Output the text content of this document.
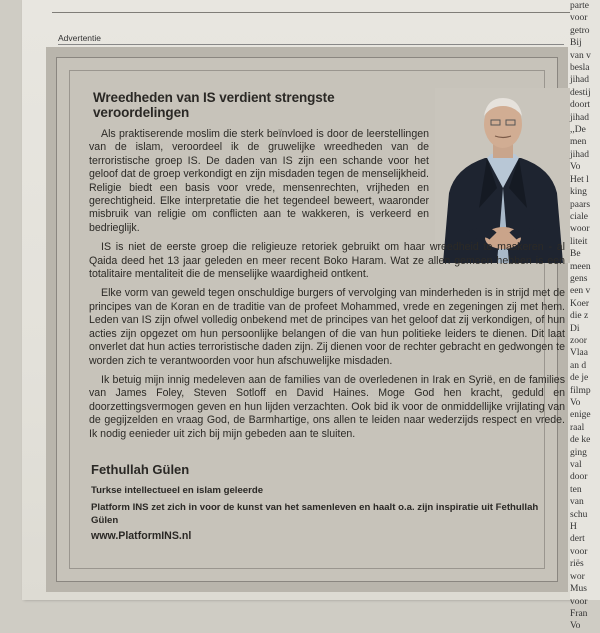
Advertentie
Wreedheden van IS verdient strengste veroordelingen

Als praktiserende moslim die sterk beïnvloed is door de leerstellingen van de islam, veroordeel ik de gruwelijke wreedheden van de terroristische groep IS. De daden van IS zijn een schande voor het geloof dat de groep verkondigt en zijn misdaden tegen de menselijkheid. Religie biedt een basis voor vrede, mensenrechten, vrijheden en gerechtigheid. Elke interpretatie die het tegendeel beweert, waaronder misbruik van religie om conflicten aan te wakkeren, is verkeerd en bedrieglijk.

IS is niet de eerste groep die religieuze retoriek gebruikt om haar wreedheid te maskeren - al Qaida deed het 13 jaar geleden en meer recent Boko Haram. Wat ze allen gemeen hebben is een totalitaire mentaliteit die de menselijke waardigheid ontkent.

Elke vorm van geweld tegen onschuldige burgers of vervolging van minderheden is in strijd met de principes van de Koran en de traditie van de profeet Mohammed, vrede en zegeningen zij met hem. Leden van IS zijn ofwel volledig onbekend met de principes van het geloof dat zij verkondigen, of hun acties zijn opgezet om hun persoonlijke belangen of die van hun politieke leiders te dienen. Dit laat onverlet dat hun acties terroristische daden zijn. Zij dienen voor de rechter gebracht en gedwongen te worden zich te verantwoorden voor hun afschuwelijke misdaden.

Ik betuig mijn innig medeleven aan de families van de overledenen in Irak en Syrië, en de families van James Foley, Steven Sotloff en David Haines. Moge God hen kracht, geduld en doorzettingsvermogen geven en hun lijden verzachten. Ook bid ik voor de onmiddellijke vrijlating van de gegijzelden en vraag God, de Barmhartige, ons allen te leiden naar wederzijds respect en vrede. Ik nodig eenieder uit zich bij mijn gebeden aan te sluiten.

Fethullah Gülen
Turkse intellectueel en islam geleerde
Platform INS zet zich in voor de kunst van het samenleven en haalt o.a. zijn inspiratie uit Fethullah Gülen
www.PlatformINS.nl
parte
voor
getro
Bij
van v
besla
jihad
destij
doort
jihad
,,De
men
jihad
Vo
Het l
king
paars
ciale
woor
liteit
Be
meen
gens
een v
Koer
die z
Di
zoor
Vlaa
an d
de je
filmp
Vo
enige
raal
de ke
ging
val
door
ten
van
schu
H
dert
voor
riës
wor
Mus
voor
Fran
Vo
